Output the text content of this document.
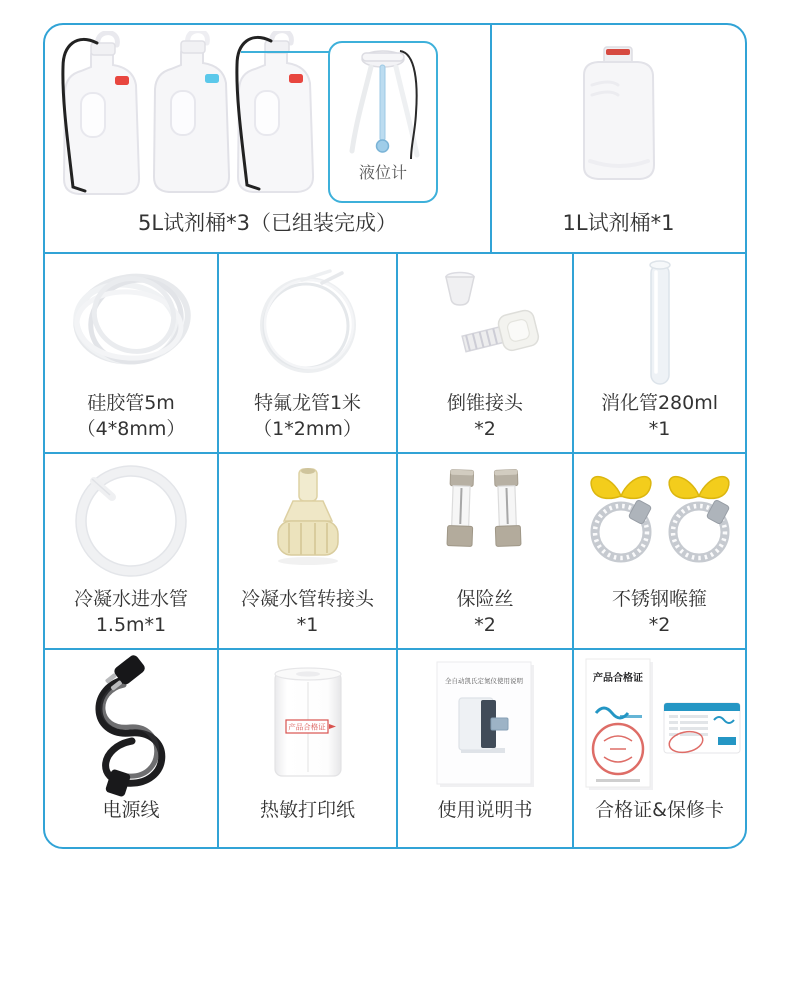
液位计
5L试剂桶*3（已组装完成）	1L试剂桶*1
硅胶管5m
（4*8mm）
特氟龙管1米
（1*2mm）
倒锥接头
*2
消化管280ml
*1
冷凝水进水管
1.5m*1
冷凝水管转接头
*1
保险丝
*2
不锈钢喉箍
*2
电源线
产品合格证
热敏打印纸
全自动凯氏定氮仪使用说明
使用说明书
产品合格证
合格证&保修卡
